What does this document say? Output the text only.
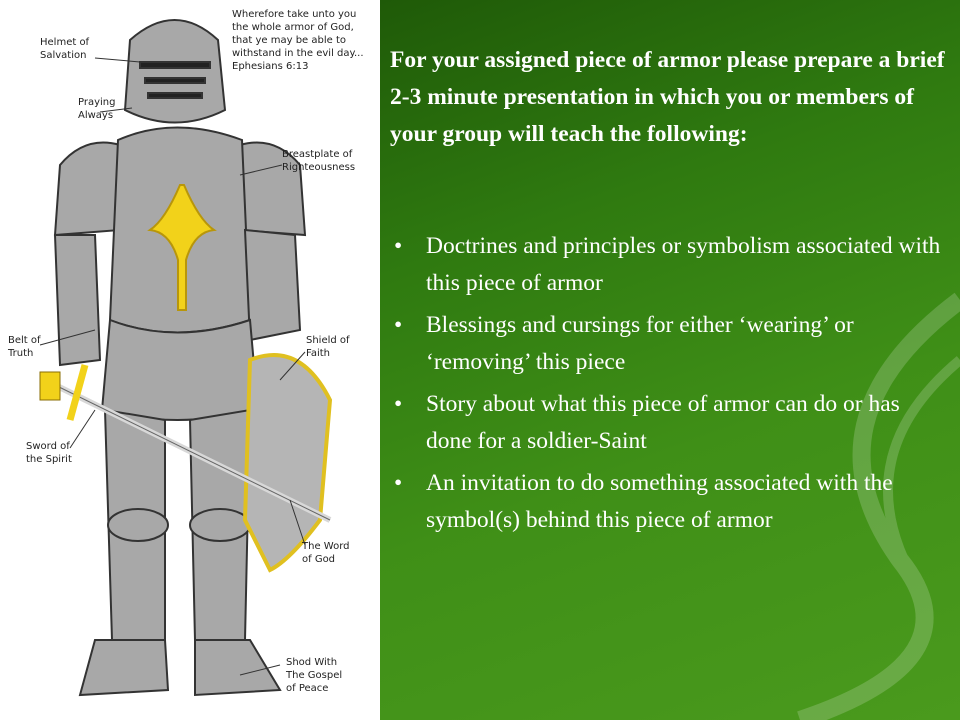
Wherefore take unto you
the whole armor of God,
that ye may be able to
withstand in the evil day...
Ephesians 6:13
Helmet of
Salvation
Praying
Always
Breastplate of
Righteousness
Belt of
Truth
Shield of
Faith
Sword of
the Spirit
The Word
of God
Shod With
The Gospel
of Peace

For your assigned piece of armor please prepare a brief 2-3 minute presentation in which you or members of your group will teach the following:

• Doctrines and principles or symbolism associated with this piece of armor
• Blessings and cursings for either ‘wearing’ or ‘removing’ this piece
• Story about what this piece of armor can do or has done for a soldier-Saint
• An invitation to do something associated with the symbol(s) behind this piece of armor
